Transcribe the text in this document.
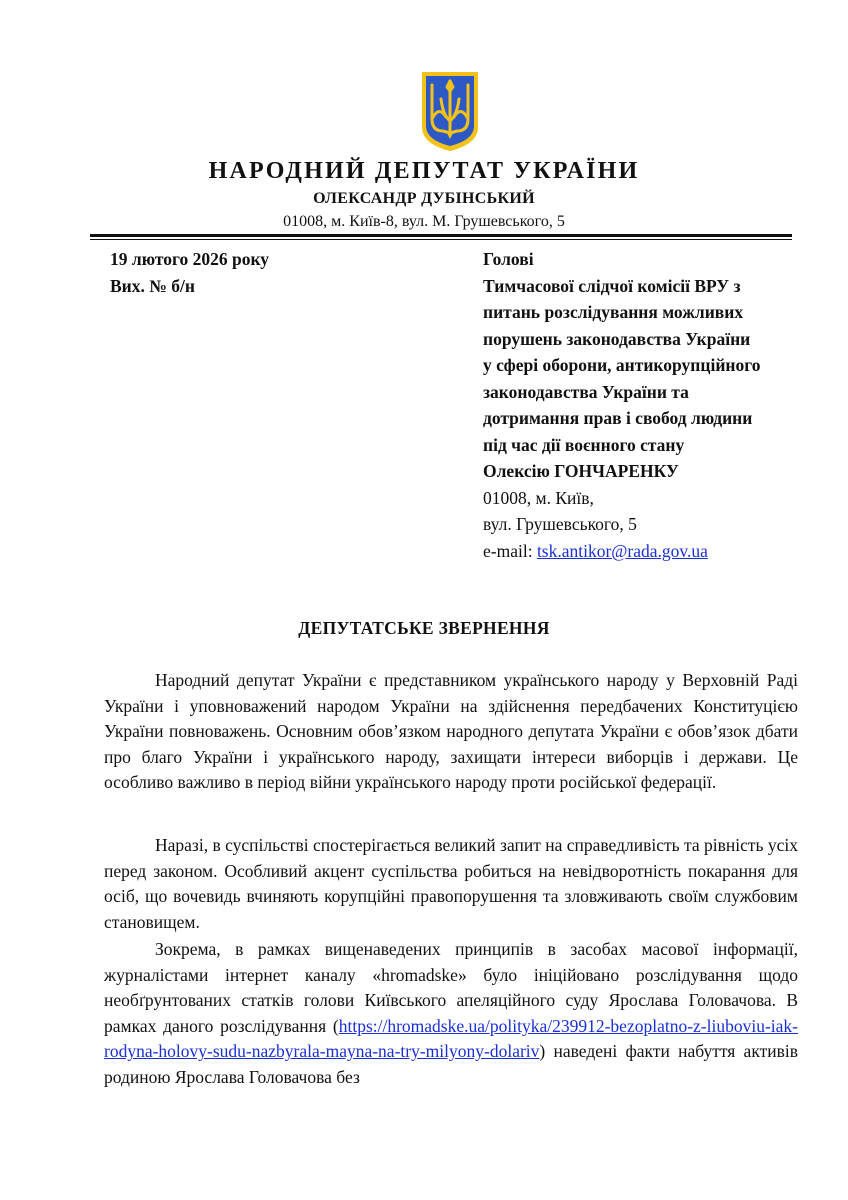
НАРОДНИЙ ДЕПУТАТ УКРАЇНИ
ОЛЕКСАНДР ДУБІНСЬКИЙ
01008, м. Київ-8, вул. М. Грушевського, 5
19 лютого 2026 року
Вих. № б/н
Голові
Тимчасової слідчої комісії ВРУ з
питань розслідування можливих
порушень законодавства України
у сфері оборони, антикорупційного
законодавства України та
дотримання прав і свобод людини
під час дії воєнного стану
Олексію ГОНЧАРЕНКУ
01008, м. Київ,
вул. Грушевського, 5
e-mail: tsk.antikor@rada.gov.ua
ДЕПУТАТСЬКЕ ЗВЕРНЕННЯ

Народний депутат України є представником українського народу у Верховній Раді України і уповноважений народом України на здійснення передбачених Конституцією України повноважень. Основним обов’язком народного депутата України є обов’язок дбати про благо України і українського народу, захищати інтереси виборців і держави. Це особливо важливо в період війни українського народу проти російської федерації.

Наразі, в суспільстві спостерігається великий запит на справедливість та рівність усіх перед законом. Особливий акцент суспільства робиться на невідворотність покарання для осіб, що вочевидь вчиняють корупційні правопорушення та зловживають своїм службовим становищем.

Зокрема, в рамках вищенаведених принципів в засобах масової інформації, журналістами інтернет каналу «hromadske» було ініційовано розслідування щодо необґрунтованих статків голови Київського апеляційного суду Ярослава Головачова. В рамках даного розслідування (https://hromadske.ua/polityka/239912-bezoplatno-z-liuboviu-iak-rodyna-holovy-sudu-nazbyrala-mayna-na-try-milyony-dolariv) наведені факти набуття активів родиною Ярослава Головачова без
